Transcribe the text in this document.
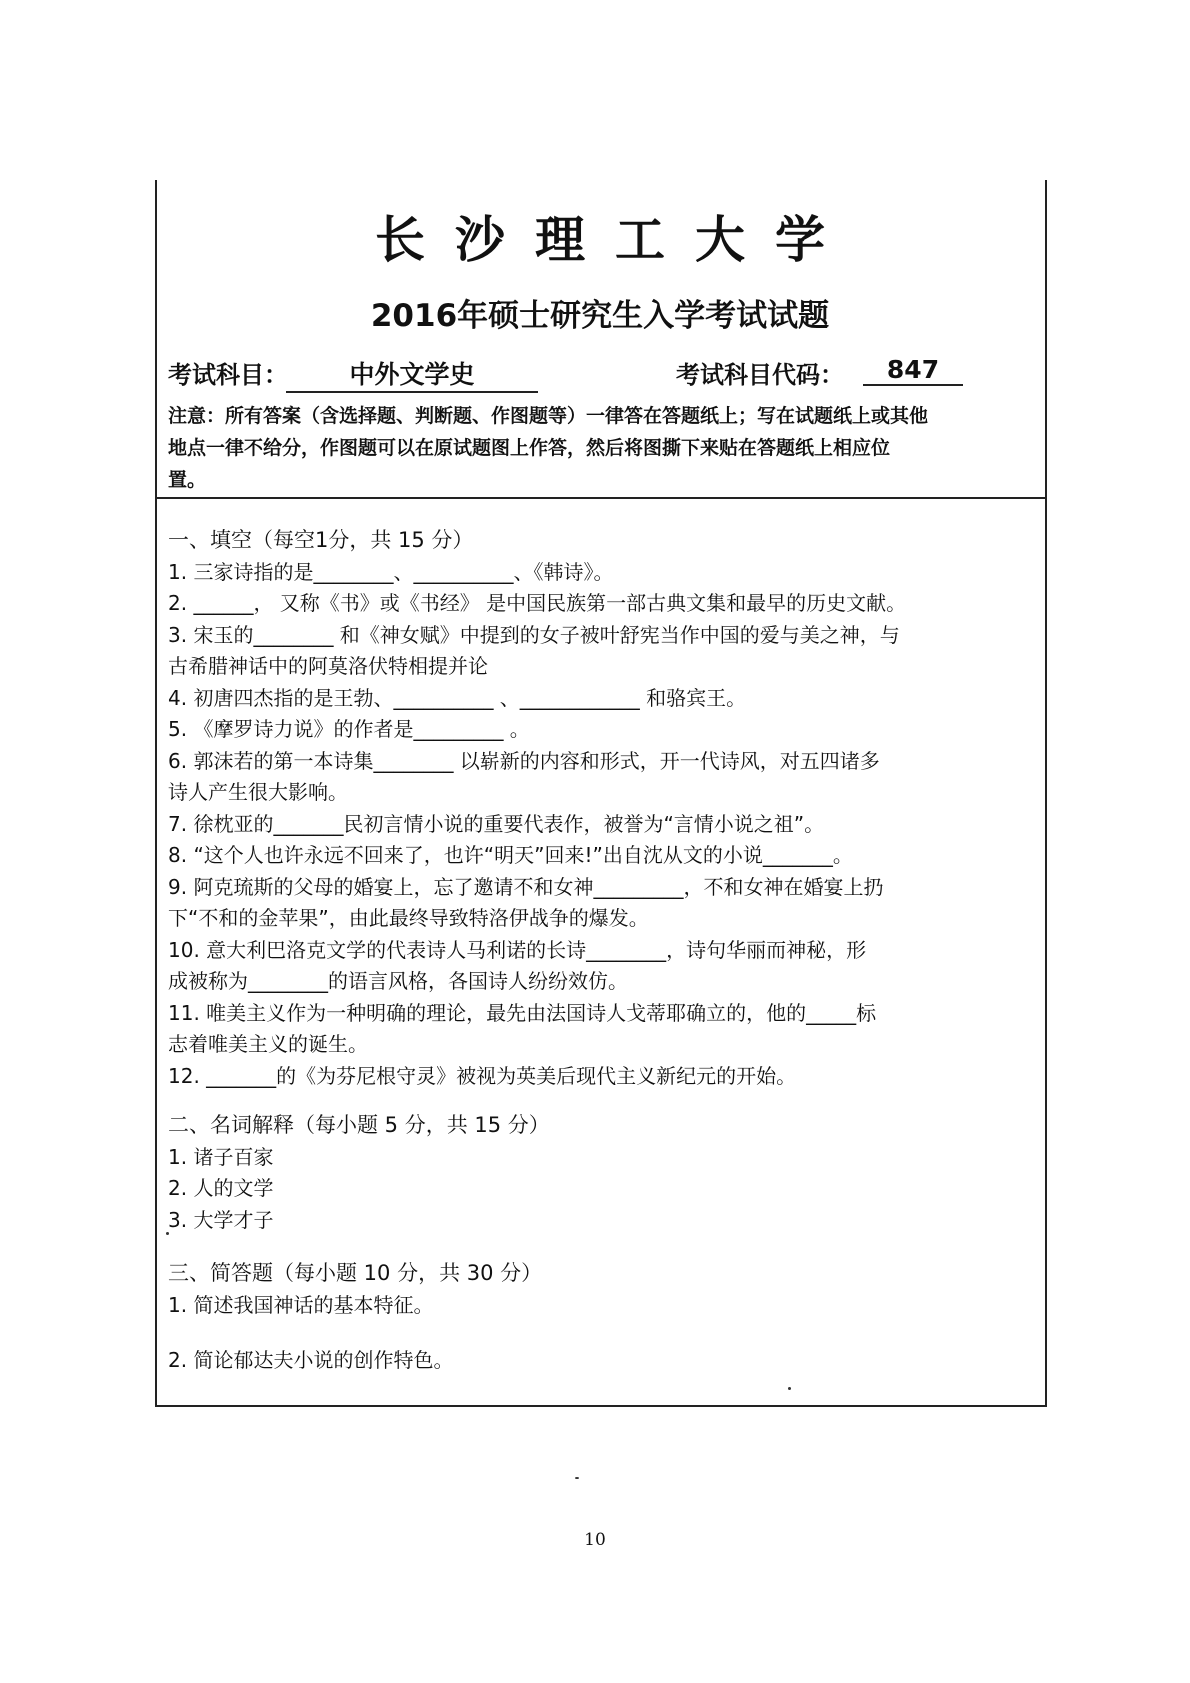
长沙理工大学
2016年硕士研究生入学考试试题
考试科目：	中外文学史	考试科目代码：	847
注意：所有答案（含选择题、判断题、作图题等）一律答在答题纸上；写在试题纸上或其他
地点一律不给分，作图题可以在原试题图上作答，然后将图撕下来贴在答题纸上相应位
置。
一、填空（每空1分，共 15 分）
1. 三家诗指的是________、__________、《韩诗》。
2. ______， 又称《书》或《书经》 是中国民族第一部古典文集和最早的历史文献。
3. 宋玉的________ 和《神女赋》中提到的女子被叶舒宪当作中国的爱与美之神，与
古希腊神话中的阿莫洛伏特相提并论
4. 初唐四杰指的是王勃、__________ 、____________ 和骆宾王。
5. 《摩罗诗力说》的作者是_________ 。
6. 郭沫若的第一本诗集________ 以崭新的内容和形式，开一代诗风，对五四诸多
诗人产生很大影响。
7. 徐枕亚的_______民初言情小说的重要代表作，被誉为“言情小说之祖”。
8. “这个人也许永远不回来了，也许“明天”回来!”出自沈从文的小说_______。
9. 阿克琉斯的父母的婚宴上，忘了邀请不和女神_________，不和女神在婚宴上扔
下“不和的金苹果”，由此最终导致特洛伊战争的爆发。
10. 意大利巴洛克文学的代表诗人马利诺的长诗________，诗句华丽而神秘，形
成被称为________的语言风格，各国诗人纷纷效仿。
11. 唯美主义作为一种明确的理论，最先由法国诗人戈蒂耶确立的，他的_____标
志着唯美主义的诞生。
12. _______的《为芬尼根守灵》被视为英美后现代主义新纪元的开始。
二、名词解释（每小题 5 分，共 15 分）
1. 诸子百家
2. 人的文学
3. 大学才子
三、简答题（每小题 10 分，共 30 分）
1. 简述我国神话的基本特征。
2. 简论郁达夫小说的创作特色。
10
